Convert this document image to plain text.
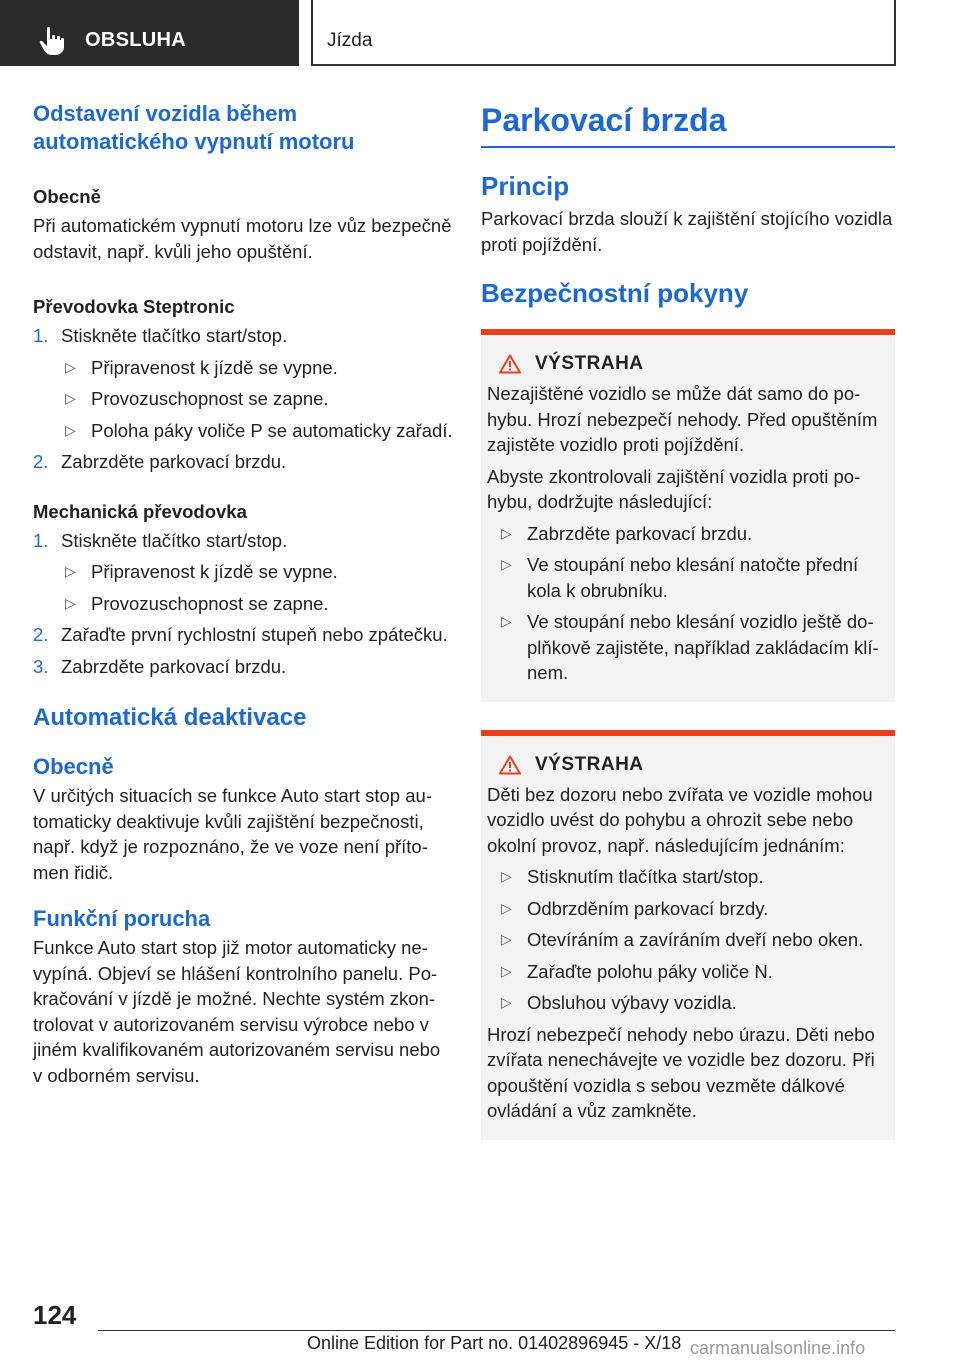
OBSLUHA	Jízda
Odstavení vozidla během automatického vypnutí motoru
Obecně

Při automatickém vypnutí motoru lze vůz bezpečně odstavit, např. kvůli jeho opuštění.

Převodovka Steptronic
1. Stiskněte tlačítko start/stop.
▷ Připravenost k jízdě se vypne.
▷ Provozuschopnost se zapne.
▷ Poloha páky voliče P se automaticky zařadí.
2. Zabrzděte parkovací brzdu.
Mechanická převodovka
1. Stiskněte tlačítko start/stop.
▷ Připravenost k jízdě se vypne.
▷ Provozuschopnost se zapne.
2. Zařaďte první rychlostní stupeň nebo zpátečku.
3. Zabrzděte parkovací brzdu.
Automatická deaktivace
Obecně

V určitých situacích se funkce Auto start stop automaticky deaktivuje kvůli zajištění bezpečnosti, např. když je rozpoznáno, že ve voze není přítomen řidič.

Funkční porucha

Funkce Auto start stop již motor automaticky nevypíná. Objeví se hlášení kontrolního panelu. Pokračování v jízdě je možné. Nechte systém zkontrolovat v autorizovaném servisu výrobce nebo v jiném kvalifikovaném autorizovaném servisu nebo v odborném servisu.

Parkovací brzda
Princip

Parkovací brzda slouží k zajištění stojícího vozidla proti pojíždění.

Bezpečnostní pokyny
VÝSTRAHA

Nezajištěné vozidlo se může dát samo do pohybu. Hrozí nebezpečí nehody. Před opuštěním zajistěte vozidlo proti pojíždění.

Abyste zkontrolovali zajištění vozidla proti pohybu, dodržujte následující:

▷ Zabrzděte parkovací brzdu.
▷ Ve stoupání nebo klesání natočte přední kola k obrubníku.
▷ Ve stoupání nebo klesání vozidlo ještě doplňkově zajistěte, například zakládacím klínem.
VÝSTRAHA

Děti bez dozoru nebo zvířata ve vozidle mohou vozidlo uvést do pohybu a ohrozit sebe nebo okolní provoz, např. následujícím jednáním:

▷ Stisknutím tlačítka start/stop.
▷ Odbrzděním parkovací brzdy.
▷ Otevíráním a zavíráním dveří nebo oken.
▷ Zařaďte polohu páky voliče N.
▷ Obsluhou výbavy vozidla.

Hrozí nebezpečí nehody nebo úrazu. Děti nebo zvířata nenechávejte ve vozidle bez dozoru. Při opouštění vozidla s sebou vezměte dálkové ovládání a vůz zamkněte.

124
Online Edition for Part no. 01402896945 - X/18 carmanualsonline.info
